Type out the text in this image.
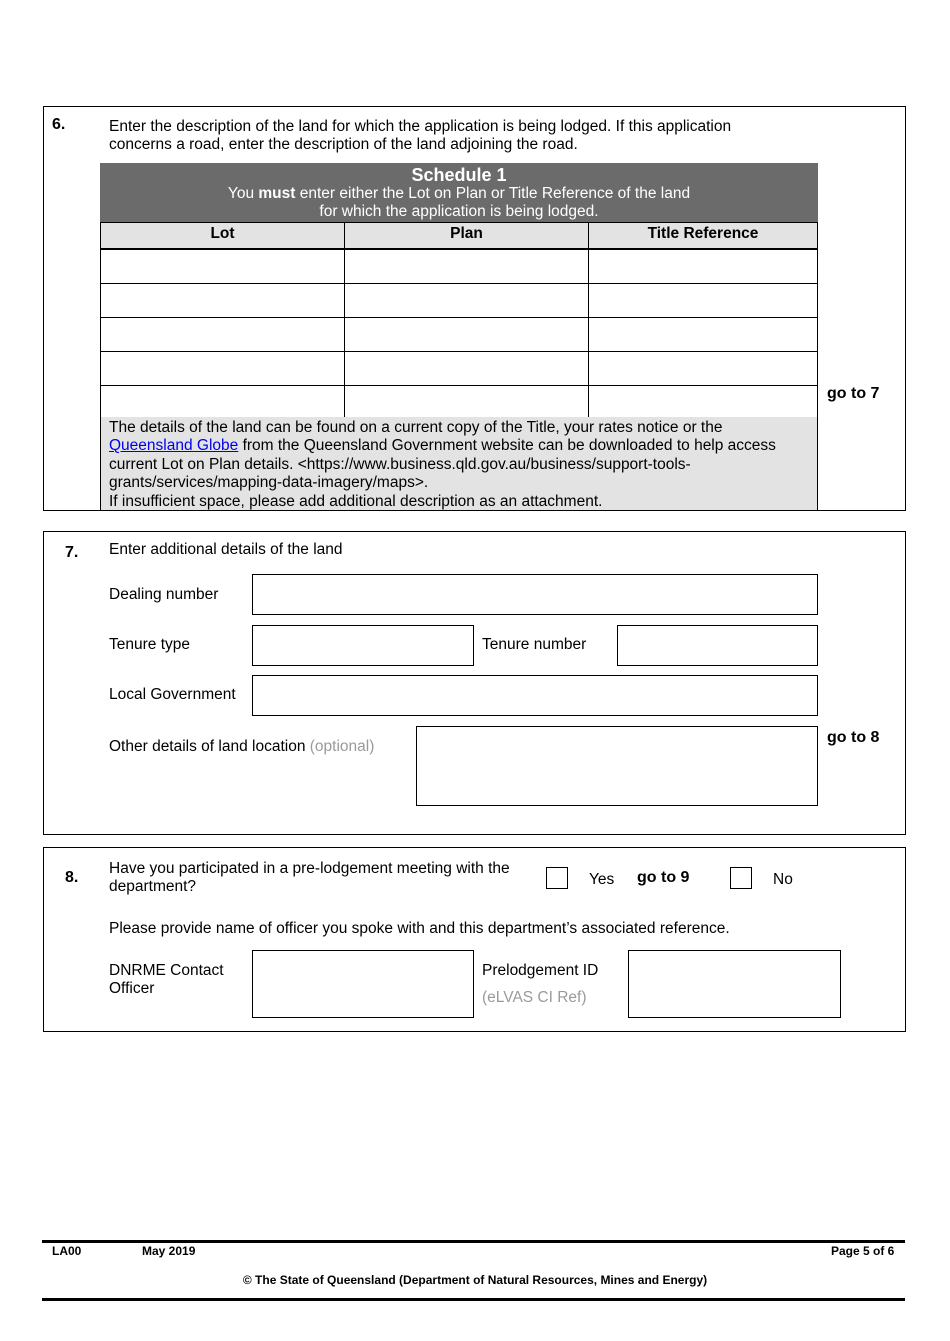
6.	Enter the description of the land for which the application is being lodged. If this application
concerns a road, enter the description of the land adjoining the road.
Schedule 1
You must enter either the Lot on Plan or Title Reference of the land
for which the application is being lodged.
Lot	Plan	Title Reference
The details of the land can be found on a current copy of the Title, your rates notice or the
Queensland Globe from the Queensland Government website can be downloaded to help access
current Lot on Plan details. <https://www.business.qld.gov.au/business/support-tools-
grants/services/mapping-data-imagery/maps>.
If insufficient space, please add additional description as an attachment.
go to 7
7. Enter additional details of the land
Dealing number
Tenure type	Tenure number
Local Government
Other details of land location (optional)
go to 8
8.
Have you participated in a pre-lodgement meeting with the
department?	Yes go to 9	No
Please provide name of officer you spoke with and this department’s associated reference.
DNRME Contact
Officer
Prelodgement ID
(eLVAS CI Ref)
LA00	May 2019	Page 5 of 6
© The State of Queensland (Department of Natural Resources, Mines and Energy)
